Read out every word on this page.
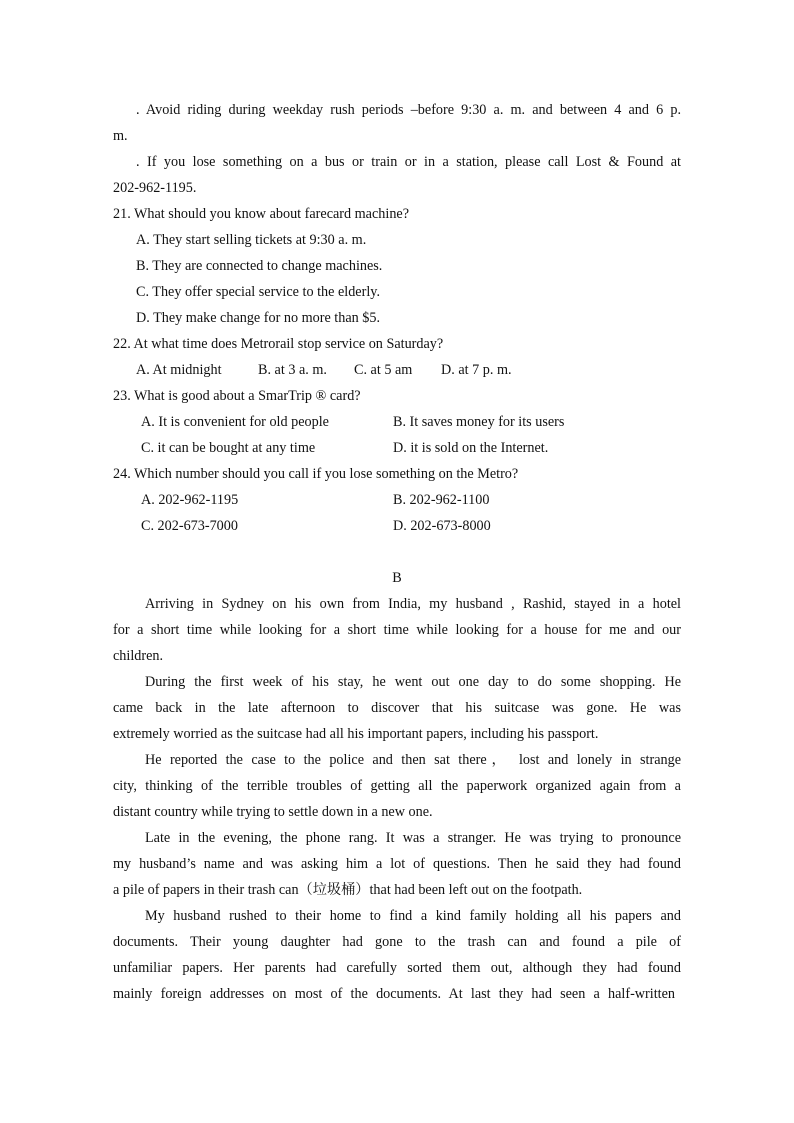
. Avoid riding during weekday rush periods –before 9:30 a. m. and between 4 and 6 p.
m.
. If you lose something on a bus or train or in a station, please call Lost & Found at
202-962-1195.
21. What should you know about farecard machine?
A. They start selling tickets at 9:30 a. m.
B. They are connected to change machines.
C. They offer special service to the elderly.
D. They make change for no more than $5.
22. At what time does Metrorail stop service on Saturday?
A. At midnight	B. at 3 a. m. C. at 5 am D. at 7 p. m.
23. What is good about a SmarTrip ® card?
A. It is convenient for old people	B. It saves money for its users
C. it can be bought at any time	D. it is sold on the Internet.
24. Which number should you call if you lose something on the Metro?
A. 202-962-1195	B. 202-962-1100
C. 202-673-7000	D. 202-673-8000
B
Arriving in Sydney on his own from India, my husband , Rashid, stayed in a hotel
for a short time while looking for a short time while looking for a house for me and our
children.
During the first week of his stay, he went out one day to do some shopping. He
came back in the late afternoon to discover that his suitcase was gone. He was
extremely worried as the suitcase had all his important papers, including his passport.
He reported the case to the police and then sat there， lost and lonely in strange
city, thinking of the terrible troubles of getting all the paperwork organized again from a
distant country while trying to settle down in a new one.
Late in the evening, the phone rang. It was a stranger. He was trying to pronounce
my husband’s name and was asking him a lot of questions. Then he said they had found
a pile of papers in their trash can（垃圾桶）that had been left out on the footpath.
My husband rushed to their home to find a kind family holding all his papers and
documents. Their young daughter had gone to the trash can and found a pile of
unfamiliar papers. Her parents had carefully sorted them out, although they had found
mainly foreign addresses on most of the documents. At last they had seen a half-written
